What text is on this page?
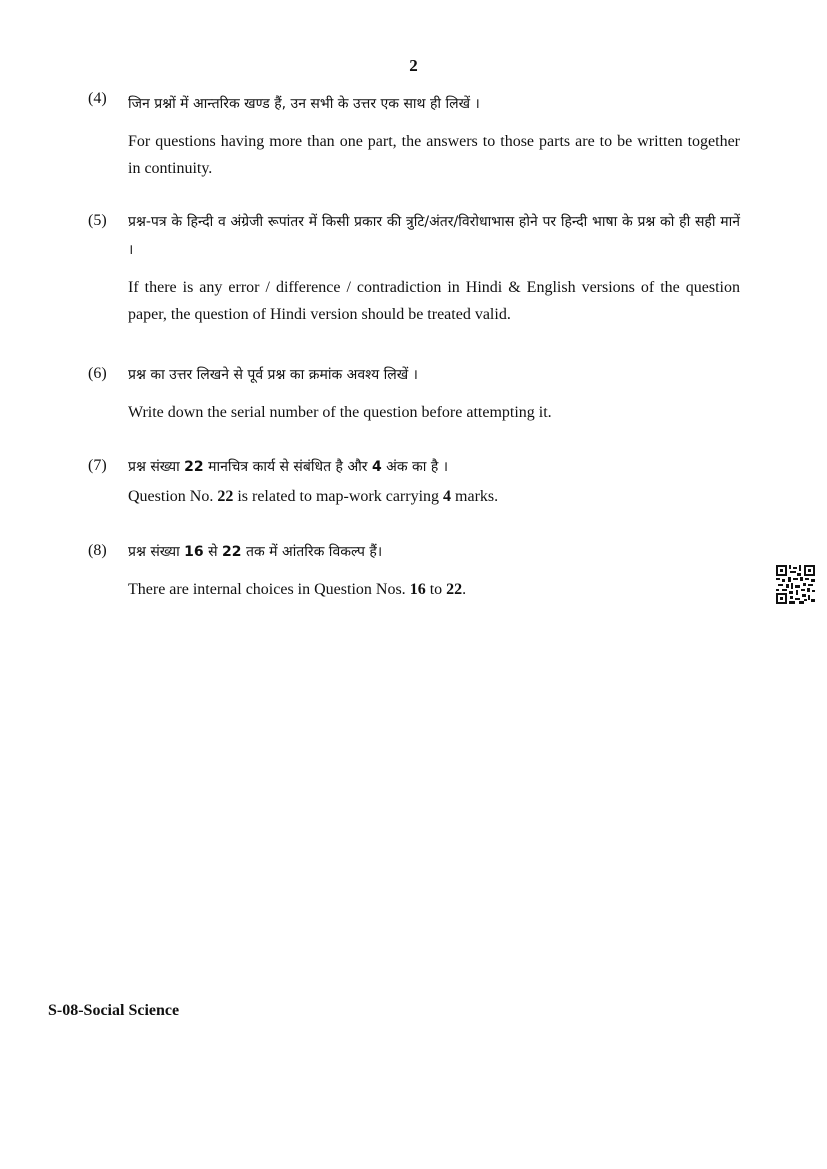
2
(4) जिन प्रश्नों में आन्तरिक खण्ड हैं, उन सभी के उत्तर एक साथ ही लिखें ।

For questions having more than one part, the answers to those parts are to be written together in continuity.

(5) प्रश्न-पत्र के हिन्दी व अंग्रेजी रूपांतर में किसी प्रकार की त्रुटि/अंतर/विरोधाभास होने पर हिन्दी भाषा के प्रश्न को ही सही मानें ।

If there is any error / difference / contradiction in Hindi & English versions of the question paper, the question of Hindi version should be treated valid.

(6) प्रश्न का उत्तर लिखने से पूर्व प्रश्न का क्रमांक अवश्य लिखें ।

Write down the serial number of the question before attempting it.

(7) प्रश्न संख्या 22 मानचित्र कार्य से संबंधित है और 4 अंक का है ।

Question No. 22 is related to map-work carrying 4 marks.

(8) प्रश्न संख्या 16 से 22 तक में आंतरिक विकल्प हैं।

There are internal choices in Question Nos. 16 to 22.

S-08-Social Science
